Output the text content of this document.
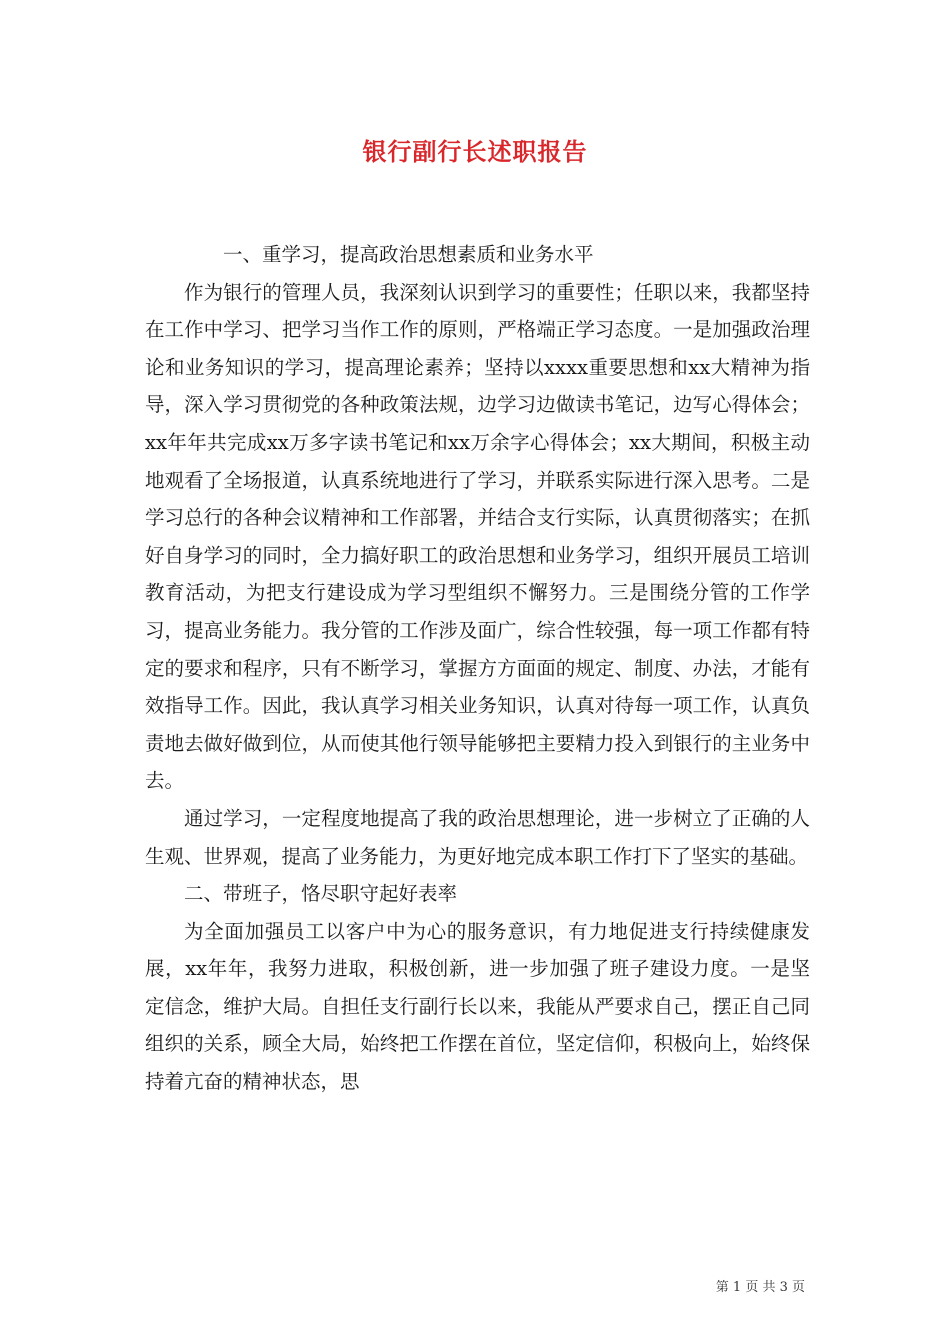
银行副行长述职报告

一、重学习，提高政治思想素质和业务水平

作为银行的管理人员，我深刻认识到学习的重要性；任职以来，我都坚持在工作中学习、把学习当作工作的原则，严格端正学习态度。一是加强政治理论和业务知识的学习，提高理论素养；坚持以xxxx重要思想和xx大精神为指导，深入学习贯彻党的各种政策法规，边学习边做读书笔记，边写心得体会；xx年年共完成xx万多字读书笔记和xx万余字心得体会；xx大期间，积极主动地观看了全场报道，认真系统地进行了学习，并联系实际进行深入思考。二是学习总行的各种会议精神和工作部署，并结合支行实际，认真贯彻落实；在抓好自身学习的同时，全力搞好职工的政治思想和业务学习，组织开展员工培训教育活动，为把支行建设成为学习型组织不懈努力。三是围绕分管的工作学习，提高业务能力。我分管的工作涉及面广，综合性较强，每一项工作都有特定的要求和程序，只有不断学习，掌握方方面面的规定、制度、办法，才能有效指导工作。因此，我认真学习相关业务知识，认真对待每一项工作，认真负责地去做好做到位，从而使其他行领导能够把主要精力投入到银行的主业务中去。

通过学习，一定程度地提高了我的政治思想理论，进一步树立了正确的人生观、世界观，提高了业务能力，为更好地完成本职工作打下了坚实的基础。

二、带班子，恪尽职守起好表率

为全面加强员工以客户中为心的服务意识，有力地促进支行持续健康发展，xx年年，我努力进取，积极创新，进一步加强了班子建设力度。一是坚定信念，维护大局。自担任支行副行长以来，我能从严要求自己，摆正自己同组织的关系，顾全大局，始终把工作摆在首位，坚定信仰，积极向上，始终保持着亢奋的精神状态，思

第 1 页 共 3 页
